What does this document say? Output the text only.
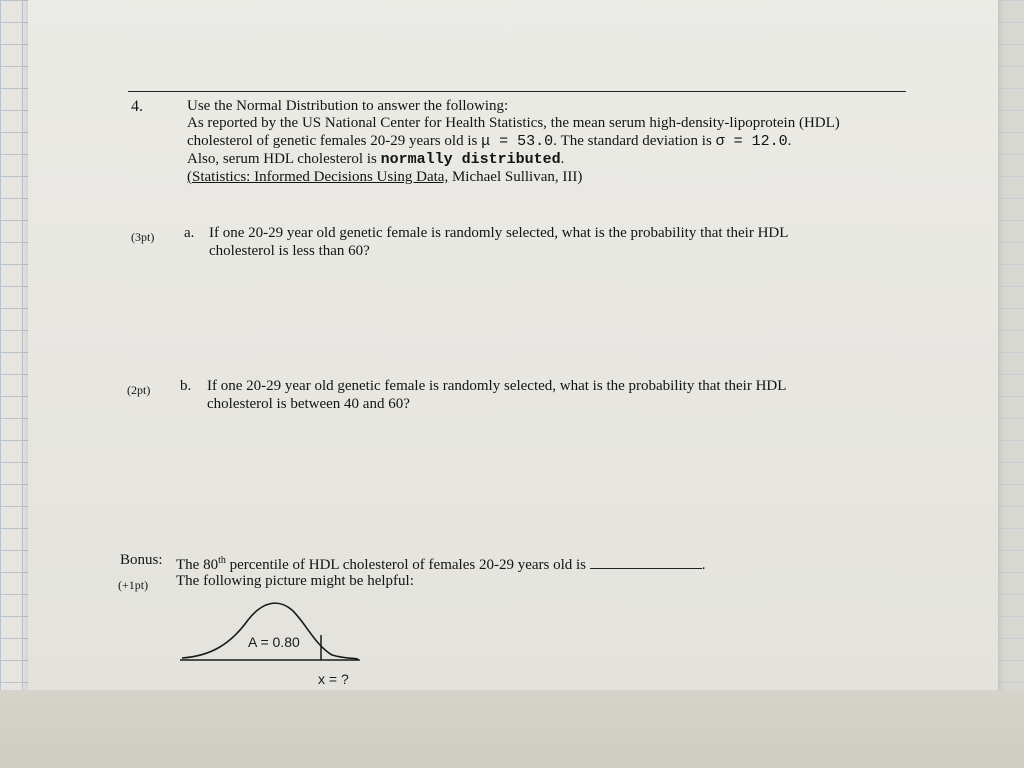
4.	Use the Normal Distribution to answer the following:
As reported by the US National Center for Health Statistics, the mean serum high-density-lipoprotein (HDL)
cholesterol of genetic females 20-29 years old is μ = 53.0. The standard deviation is σ = 12.0.
Also, serum HDL cholesterol is normally distributed.
(Statistics: Informed Decisions Using Data, Michael Sullivan, III)
(3pt) a. If one 20-29 year old genetic female is randomly selected, what is the probability that their HDL
cholesterol is less than 60?
(2pt) b. If one 20-29 year old genetic female is randomly selected, what is the probability that their HDL
cholesterol is between 40 and 60?
Bonus: The 80th percentile of HDL cholesterol of females 20-29 years old is	.
(+1pt) The following picture might be helpful:
A = 0.80
x = ?
